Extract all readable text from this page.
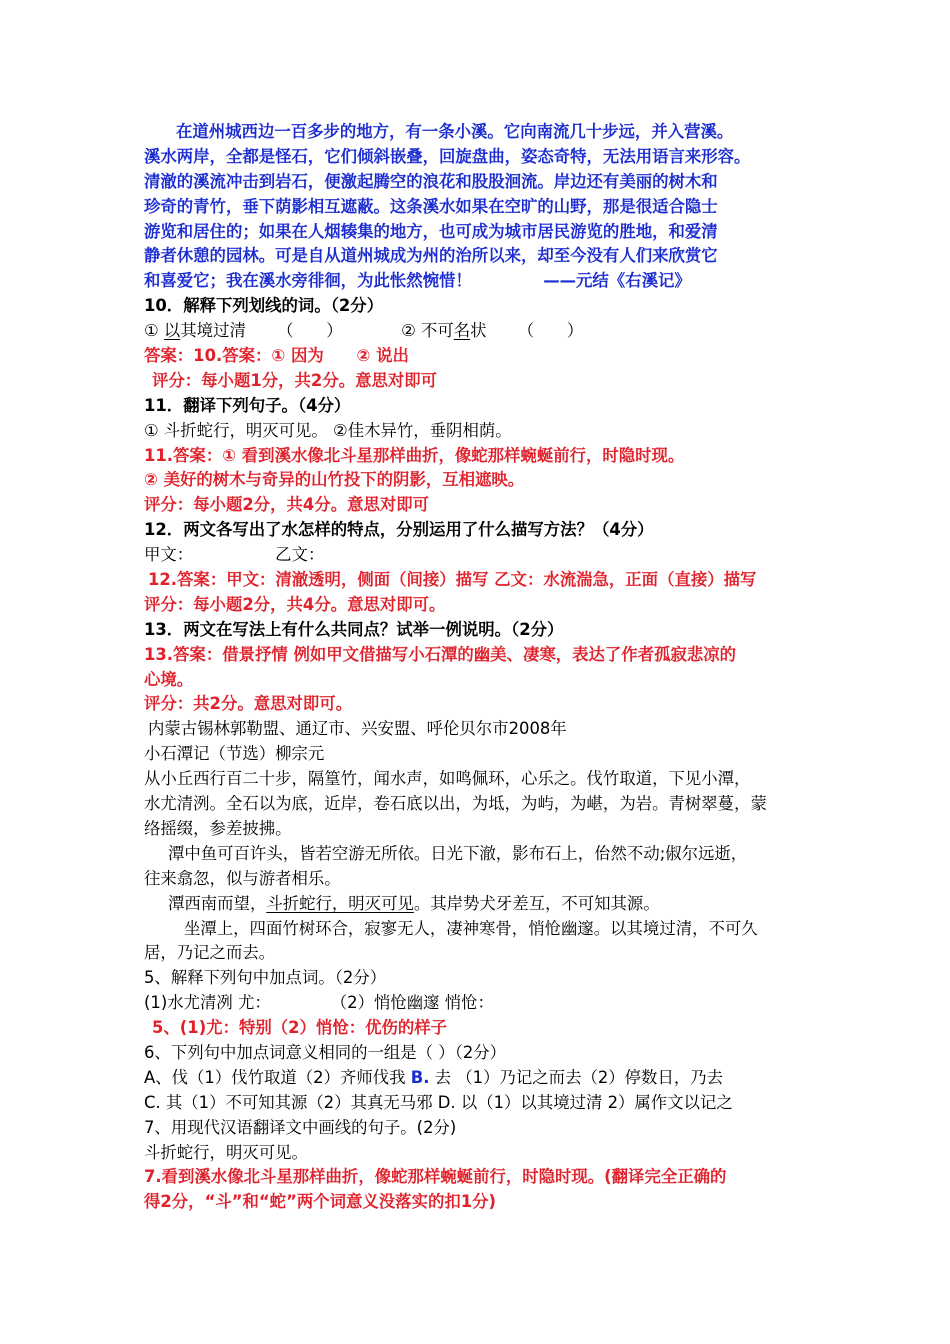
在道州城西边一百多步的地方，有一条小溪。它向南流几十步远，并入营溪。
溪水两岸，全都是怪石，它们倾斜嵌叠，回旋盘曲，姿态奇特，无法用语言来形容。
清澈的溪流冲击到岩石，便激起腾空的浪花和股股洄流。岸边还有美丽的树木和
珍奇的青竹，垂下荫影相互遮蔽。这条溪水如果在空旷的山野，那是很适合隐士
游览和居住的；如果在人烟辏集的地方，也可成为城市居民游览的胜地，和爱清
静者休憩的园林。可是自从道州城成为州的治所以来，却至今没有人们来欣赏它
和喜爱它；我在溪水旁徘徊，为此怅然惋惜！	——元结《右溪记》
10．解释下列划线的词。（2分）
① 以其境过清 （　　）	② 不可名状 （　　）
答案：10.答案：① 因为　　② 说出
评分：每小题1分，共2分。意思对即可
11．翻译下列句子。（4分）
① 斗折蛇行，明灭可见。 ②佳木异竹，垂阴相荫。
11.答案：① 看到溪水像北斗星那样曲折，像蛇那样蜿蜒前行，时隐时现。
② 美好的树木与奇异的山竹投下的阴影，互相遮映。
评分：每小题2分，共4分。意思对即可
12．两文各写出了水怎样的特点，分别运用了什么描写方法？（4分）
甲文：	乙文：
12.答案：甲文：清澈透明，侧面（间接）描写 乙文：水流湍急，正面（直接）描写
评分：每小题2分，共4分。意思对即可。
13．两文在写法上有什么共同点？试举一例说明。（2分）
13.答案：借景抒情 例如甲文借描写小石潭的幽美、凄寒，表达了作者孤寂悲凉的
心境。
评分：共2分。意思对即可。
内蒙古锡林郭勒盟、通辽市、兴安盟、呼伦贝尔市2008年
小石潭记（节选）柳宗元
从小丘西行百二十步，隔篁竹，闻水声，如鸣佩环，心乐之。伐竹取道，下见小潭，
水尤清洌。全石以为底，近岸，卷石底以出，为坻，为屿，为嵁，为岩。青树翠蔓，蒙
络摇缀，参差披拂。
潭中鱼可百许头，皆若空游无所依。日光下澈，影布石上，佁然不动;俶尔远逝，
往来翕忽，似与游者相乐。
潭西南而望，斗折蛇行，明灭可见。其岸势犬牙差互，不可知其源。
坐潭上，四面竹树环合，寂寥无人，凄神寒骨，悄怆幽邃。以其境过清，不可久
居，乃记之而去。
5、解释下列句中加点词。（2分）
(1)水尤清冽 尤：	（2）悄怆幽邃 悄怆：
5、(1)尤：特别（2）悄怆：优伤的样子
6、下列句中加点词意义相同的一组是（ ）（2分）
A、伐（1）伐竹取道（2）齐师伐我 B. 去 （1）乃记之而去（2）停数日，乃去
C. 其（1）不可知其源（2）其真无马邪 D. 以（1）以其境过清 2）属作文以记之
7、用现代汉语翻译文中画线的句子。(2分)
斗折蛇行，明灭可见。
7.看到溪水像北斗星那样曲折，像蛇那样蜿蜒前行，时隐时现。(翻译完全正确的
得2分，“斗”和“蛇”两个词意义没落实的扣1分)
